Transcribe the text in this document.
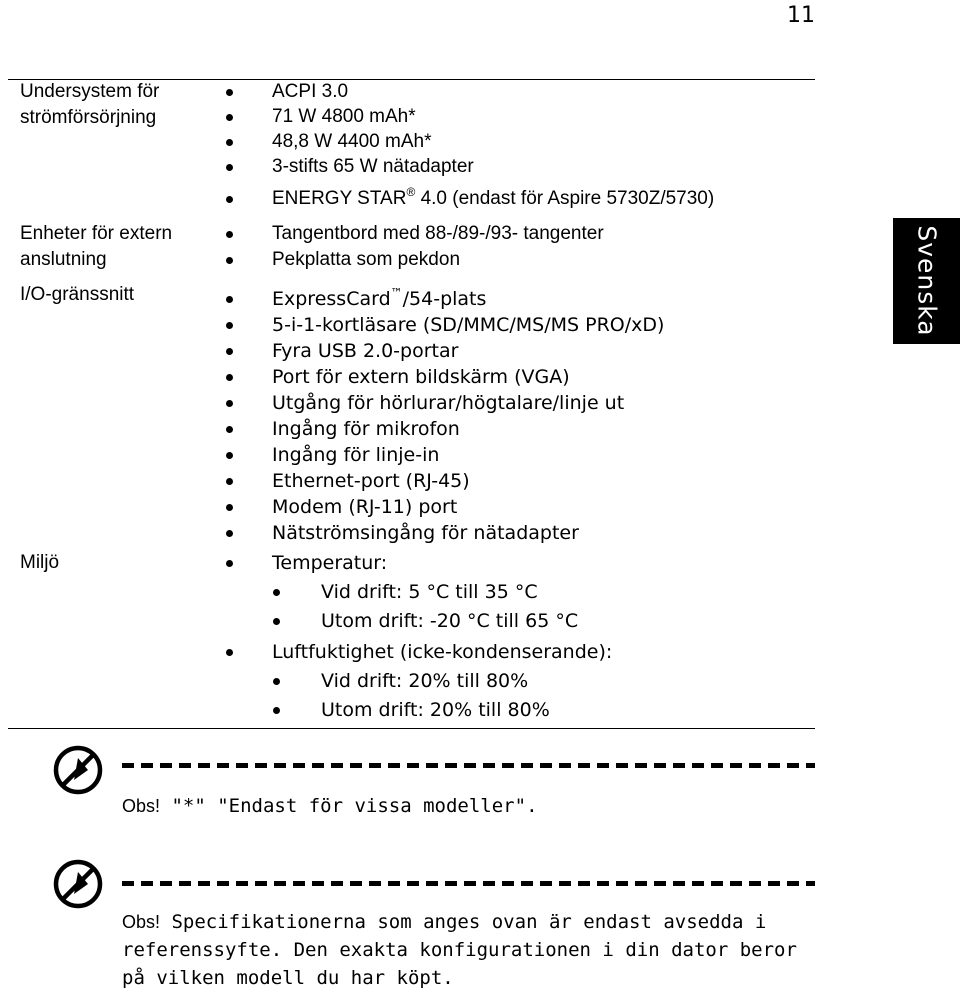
11
Svenska
Undersystem för strömförsörjning
ACPI 3.0
71 W 4800 mAh*
48,8 W 4400 mAh*
3-stifts 65 W nätadapter
ENERGY STAR® 4.0 (endast för Aspire 5730Z/5730)
Enheter för extern anslutning
Tangentbord med 88-/89-/93- tangenter
Pekplatta som pekdon
I/O-gränssnitt	ExpressCard™/54-plats
5-i-1-kortläsare (SD/MMC/MS/MS PRO/xD)
Fyra USB 2.0-portar
Port för extern bildskärm (VGA)
Utgång för hörlurar/högtalare/linje ut
Ingång för mikrofon
Ingång för linje-in
Ethernet-port (RJ-45)
Modem (RJ-11) port
Nätströmsingång för nätadapter
Miljö	Temperatur:
Vid drift: 5 °C till 35 °C
Utom drift: -20 °C till 65 °C
Luftfuktighet (icke-kondenserande):
Vid drift: 20% till 80%
Utom drift: 20% till 80%
Obs! "*" "Endast för vissa modeller".
Obs! Specifikationerna som anges ovan är endast avsedda i referenssyfte. Den exakta konfigurationen i din dator beror på vilken modell du har köpt.
